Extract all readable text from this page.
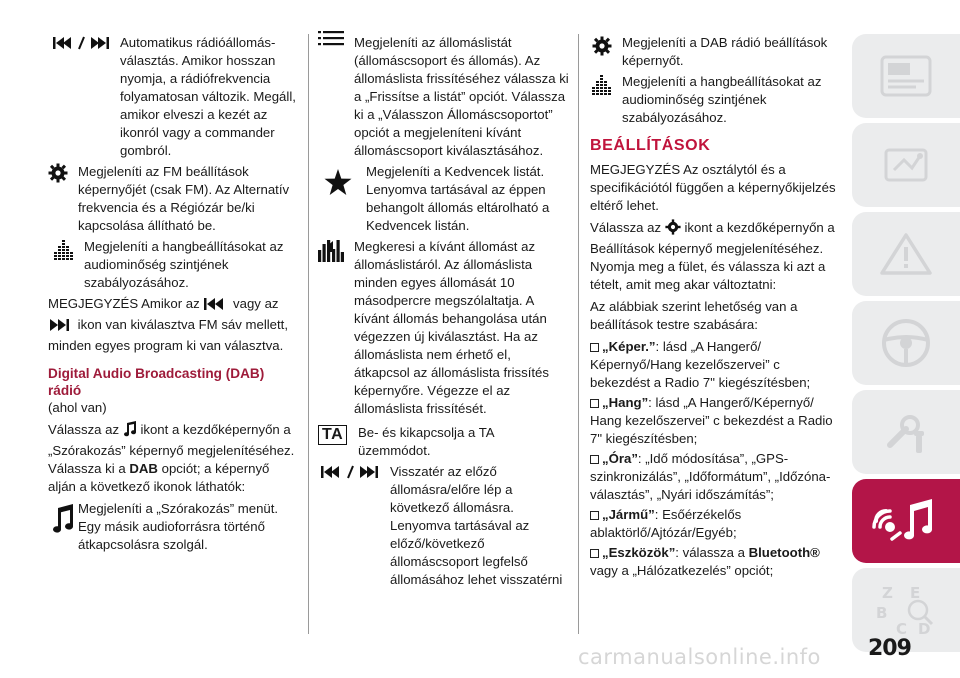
Automatikus rádióállomás-választás. Amikor hosszan nyomja, a rádiófrekvencia folyamatosan változik. Megáll, amikor elveszi a kezét az ikonról vagy a commander gombról.
Megjeleníti az FM beállítások képernyőjét (csak FM). Az Alternatív frekvencia és a Régiózár be/ki kapcsolása állítható be.
Megjeleníti a hangbeállításokat az audiominőség szintjének szabályozásához.

MEGJEGYZÉS Amikor az	vagy az  ikon van kiválasztva FM sáv mellett, minden egyes program ki van választva.

Digital Audio Broadcasting (DAB) rádió

(ahol van)

Válassza az ikont a kezdőképernyőn a „Szórakozás” képernyő megjelenítéséhez. Válassza ki a DAB opciót; a képernyő alján a következő ikonok láthatók:

Megjeleníti a „Szórakozás” menüt. Egy másik audioforrásra történő átkapcsolásra szolgál.
Megjeleníti az állomáslistát (állomáscsoport és állomás). Az állomáslista frissítéséhez válassza ki a „Frissítse a listát” opciót. Válassza ki a „Válasszon Állomáscsoportot” opciót a megjeleníteni kívánt állomáscsoport kiválasztásához.
Megjeleníti a Kedvencek listát. Lenyomva tartásával az éppen behangolt állomás eltárolható a Kedvencek listán.
Megkeresi a kívánt állomást az állomáslistáról. Az állomáslista minden egyes állomását 10 másodpercre megszólaltatja. A kívánt állomás behangolása után végezzen új kiválasztást. Ha az állomáslista nem érhető el, átkapcsol az állomáslista frissítés képernyőre. Végezze el az állomáslista frissítését.
TA	Be- és kikapcsolja a TA üzemmódot.
Visszatér az előző állomásra/előre lép a következő állomásra. Lenyomva tartásával az előző/következő állomáscsoport legfelső állomásához lehet visszatérni
Megjeleníti a DAB rádió beállítások képernyőt.
Megjeleníti a hangbeállításokat az audiominőség szintjének szabályozásához.
BEÁLLÍTÁSOK

MEGJEGYZÉS Az osztálytól és a specifikációtól függően a képernyőkijelzés eltérő lehet.

Válassza az ikont a kezdőképernyőn a Beállítások képernyő megjelenítéséhez. Nyomja meg a fület, és válassza ki azt a tételt, amit meg akar változtatni:

Az alábbiak szerint lehetőség van a beállítások testre szabására:

„Képer.”: lásd „A Hangerő/ Képernyő/Hang kezelőszervei” c bekezdést a Radio 7" kiegészítésben;

„Hang”: lásd „A Hangerő/Képernyő/ Hang kezelőszervei” c bekezdést a Radio 7" kiegészítésben;

„Óra”: „Idő módosítása”, „GPS-szinkronizálás”, „Időformátum”, „Időzóna-választás”, „Nyári időszámítás”;

„Jármű”: Esőérzékelős ablaktörlő/Ajtózár/Egyéb;

„Eszközök”: válassza a Bluetooth® vagy a „Hálózatkezelés” opciót;

Z E
B
C D
carmanualsonline.info 209
